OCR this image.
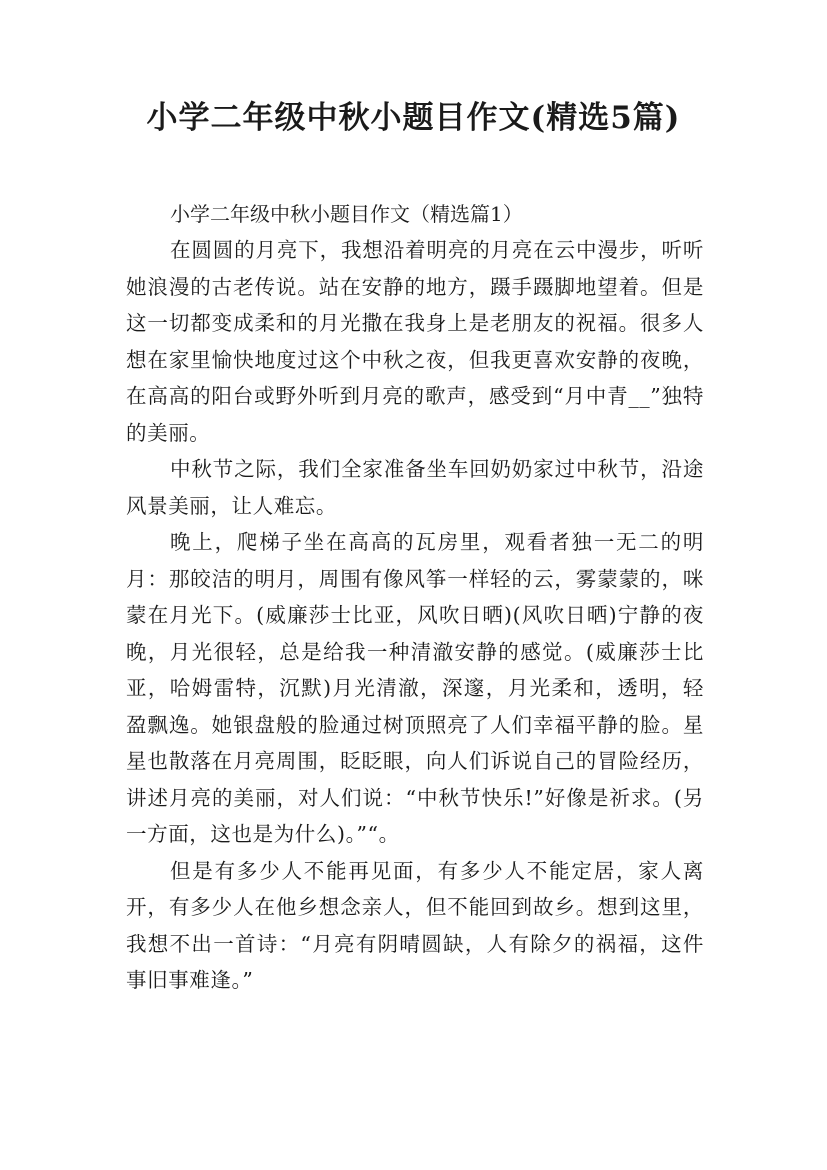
小学二年级中秋小题目作文(精选5篇)

小学二年级中秋小题目作文（精选篇1）

在圆圆的月亮下，我想沿着明亮的月亮在云中漫步，听听她浪漫的古老传说。站在安静的地方，蹑手蹑脚地望着。但是这一切都变成柔和的月光撒在我身上是老朋友的祝福。很多人想在家里愉快地度过这个中秋之夜，但我更喜欢安静的夜晚，在高高的阳台或野外听到月亮的歌声，感受到“月中青__”独特的美丽。

中秋节之际，我们全家准备坐车回奶奶家过中秋节，沿途风景美丽，让人难忘。

晚上，爬梯子坐在高高的瓦房里，观看者独一无二的明月：那皎洁的明月，周围有像风筝一样轻的云，雾蒙蒙的，咪蒙在月光下。(威廉莎士比亚，风吹日晒)(风吹日晒)宁静的夜晚，月光很轻，总是给我一种清澈安静的感觉。(威廉莎士比亚，哈姆雷特，沉默)月光清澈，深邃，月光柔和，透明，轻盈飘逸。她银盘般的脸通过树顶照亮了人们幸福平静的脸。星星也散落在月亮周围，眨眨眼，向人们诉说自己的冒险经历，讲述月亮的美丽，对人们说：“中秋节快乐!”好像是祈求。(另一方面，这也是为什么)。”“。

但是有多少人不能再见面，有多少人不能定居，家人离开，有多少人在他乡想念亲人，但不能回到故乡。想到这里，我想不出一首诗：“月亮有阴晴圆缺，人有除夕的祸福，这件事旧事难逢。”
